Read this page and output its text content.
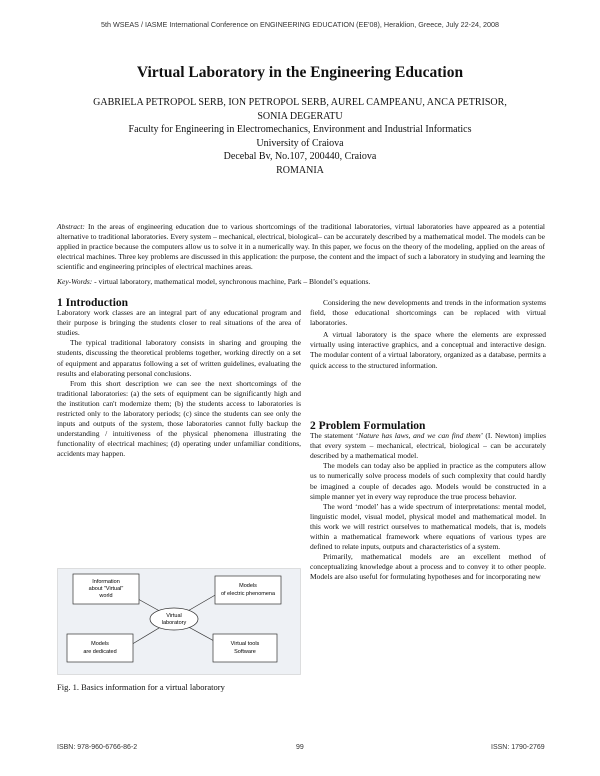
5th WSEAS / IASME International Conference on ENGINEERING EDUCATION (EE'08), Heraklion, Greece, July 22-24, 2008
Virtual Laboratory in the Engineering Education
GABRIELA PETROPOL SERB, ION PETROPOL SERB, AUREL CAMPEANU, ANCA PETRISOR,
SONIA DEGERATU
Faculty for Engineering in Electromechanics, Environment and Industrial Informatics
University of Craiova
Decebal Bv, No.107, 200440, Craiova
ROMANIA
Abstract: In the areas of engineering education due to various shortcomings of the traditional laboratories, virtual laboratories have appeared as a potential alternative to traditional laboratories. Every system – mechanical, electrical, biological– can be accurately described by a mathematical model. The models can be applied in practice because the computers allow us to solve it in a numerically way. In this paper, we focus on the theory of the modeling, applied on the areas of electrical machines. Three key problems are discussed in this application: the purpose, the content and the impact of such a laboratory in studying and learning the scientific and engineering principles of electrical machines areas.
Key-Words: - virtual laboratory, mathematical model, synchronous machine, Park – Blondel’s equations.
1 Introduction

Laboratory work classes are an integral part of any educational program and their purpose is bringing the students closer to real situations of the area of studies.

The typical traditional laboratory consists in sharing and grouping the students, discussing the theoretical problems together, working directly on a set of equipment and apparatus following a set of written guidelines, evaluating the results and elaborating personal conclusions.

From this short description we can see the next shortcomings of the traditional laboratories: (a) the sets of equipment can be significantly high and the institution can't modernize them; (b) the students access to laboratories is restricted only to the laboratory periods; (c) since the students can see only the inputs and outputs of the system, those laboratories cannot fully backup the understanding / intuitiveness of the physical phenomena illustrating the functionality of electrical machines; (d) operating under unfamiliar conditions, accidents may happen.

Information
about "Virtual"
world
Models
of electric phenomena
Virtual
laboratory
Models
are dedicated
Virtual tools
Software
Fig. 1. Basics information for a virtual laboratory

Considering the new developments and trends in the information systems field, those educational shortcomings can be replaced with virtual laboratories.

A virtual laboratory is the space where the elements are expressed virtually using interactive graphics, and a conceptual and interactive design. The modular content of a virtual laboratory, organized as a database, permits a quick access to the structured information.

2 Problem Formulation

The statement ‘Nature has laws, and we can find them’ (I. Newton) implies that every system – mechanical, electrical, biological – can be accurately described by a mathematical model.

The models can today also be applied in practice as the computers allow us to numerically solve process models of such complexity that could hardly be imagined a couple of decades ago. Models would be constructed in a simple manner yet in every way reproduce the true process behavior.

The word ‘model’ has a wide spectrum of interpretations: mental model, linguistic model, visual model, physical model and mathematical model. In this work we will restrict ourselves to mathematical models, that is, models within a mathematical framework where equations of various types are defined to relate inputs, outputs and characteristics of a system.

Primarily, mathematical models are an excellent method of conceptualizing knowledge about a process and to convey it to other people. Models are also useful for formulating hypotheses and for incorporating new

ISBN: 978-960-6766-86-2	99	ISSN: 1790-2769
